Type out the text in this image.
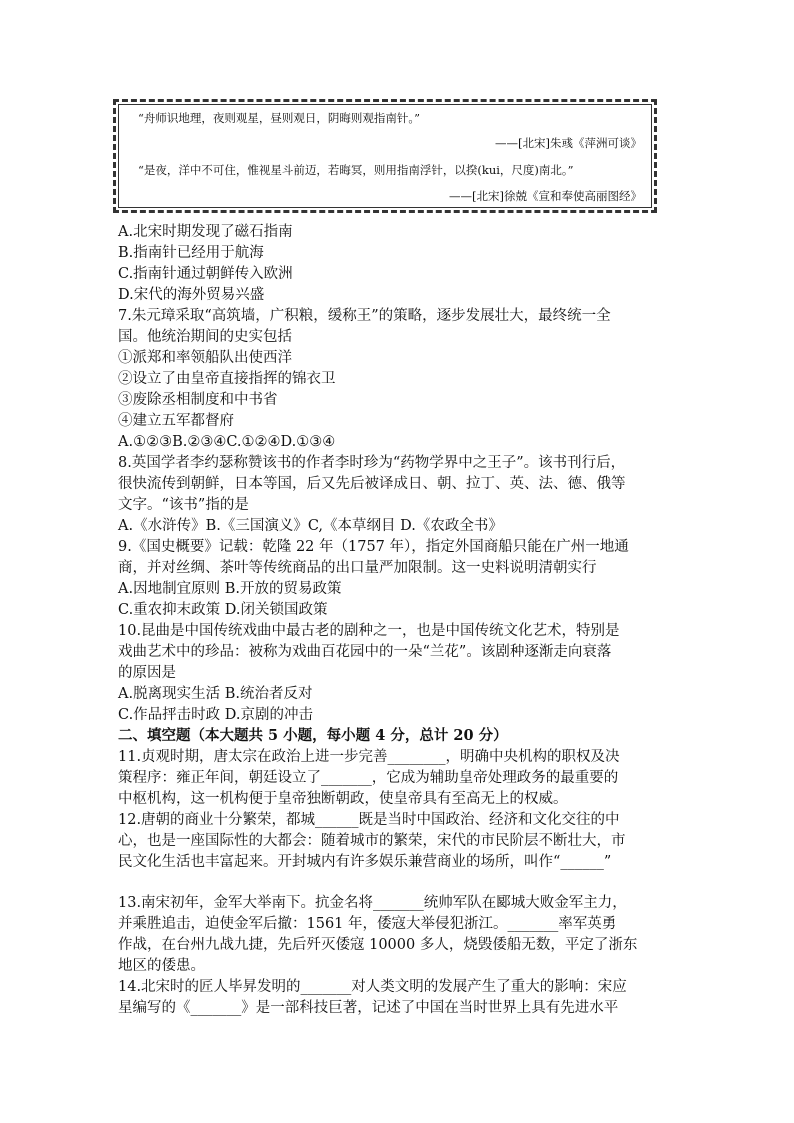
“舟师识地理，夜则观星，昼则观日，阴晦则观指南针。”
——[北宋]朱彧《萍洲可谈》
“是夜，洋中不可住，惟视星斗前迈，若晦冥，则用指南浮针，以揆(kui，尺度)南北。”
——[北宋]徐兢《宣和奉使高丽图经》
A.北宋时期发现了磁石指南
B.指南针已经用于航海
C.指南针通过朝鲜传入欧洲
D.宋代的海外贸易兴盛
7.朱元璋采取“高筑墙，广积粮，缓称王”的策略，逐步发展壮大，最终统一全
国。他统治期间的史实包括
①派郑和率领船队出使西洋
②设立了由皇帝直接指挥的锦衣卫
③废除丞相制度和中书省
④建立五军都督府
A.①②③B.②③④C.①②④D.①③④
8.英国学者李约瑟称赞该书的作者李时珍为“药物学界中之王子”。该书刊行后，
很快流传到朝鲜，日本等国，后又先后被译成日、朝、拉丁、英、法、德、俄等
文字。“该书”指的是
A.《水浒传》B.《三国演义》C,《本草纲目 D.《农政全书》
9.《国史概要》记载：乾隆 22 年（1757 年），指定外国商船只能在广州一地通
商，并对丝绸、茶叶等传统商品的出口量严加限制。这一史料说明清朝实行
A.因地制宜原则 B.开放的贸易政策
C.重农抑末政策 D.闭关锁国政策
10.昆曲是中国传统戏曲中最古老的剧种之一，也是中国传统文化艺术，特别是
戏曲艺术中的珍品：被称为戏曲百花园中的一朵“兰花”。该剧种逐渐走向衰落
的原因是
A.脱离现实生活 B.统治者反对
C.作品抨击时政 D.京剧的冲击
二、填空题（本大题共 5 小题，每小题 4 分，总计 20 分）
11.贞观时期，唐太宗在政治上进一步完善________，明确中央机构的职权及决
策程序：雍正年间，朝廷设立了_______，它成为辅助皇帝处理政务的最重要的
中枢机构，这一机构便于皇帝独断朝政，使皇帝具有至高无上的权威。
12.唐朝的商业十分繁荣，都城______既是当时中国政治、经济和文化交往的中
心，也是一座国际性的大都会：随着城市的繁荣，宋代的市民阶层不断壮大，市
民文化生活也丰富起来。开封城内有许多娱乐兼营商业的场所，叫作“______”
13.南宋初年，金军大举南下。抗金名将_______统帅军队在郾城大败金军主力，
并乘胜追击，迫使金军后撤：1561 年，倭寇大举侵犯浙江。_______率军英勇
作战，在台州九战九捷，先后歼灭倭寇 10000 多人，烧毁倭船无数，平定了浙东
地区的倭患。
14.北宋时的匠人毕昇发明的_______对人类文明的发展产生了重大的影响：宋应
星编写的《_______》是一部科技巨著，记述了中国在当时世界上具有先进水平
